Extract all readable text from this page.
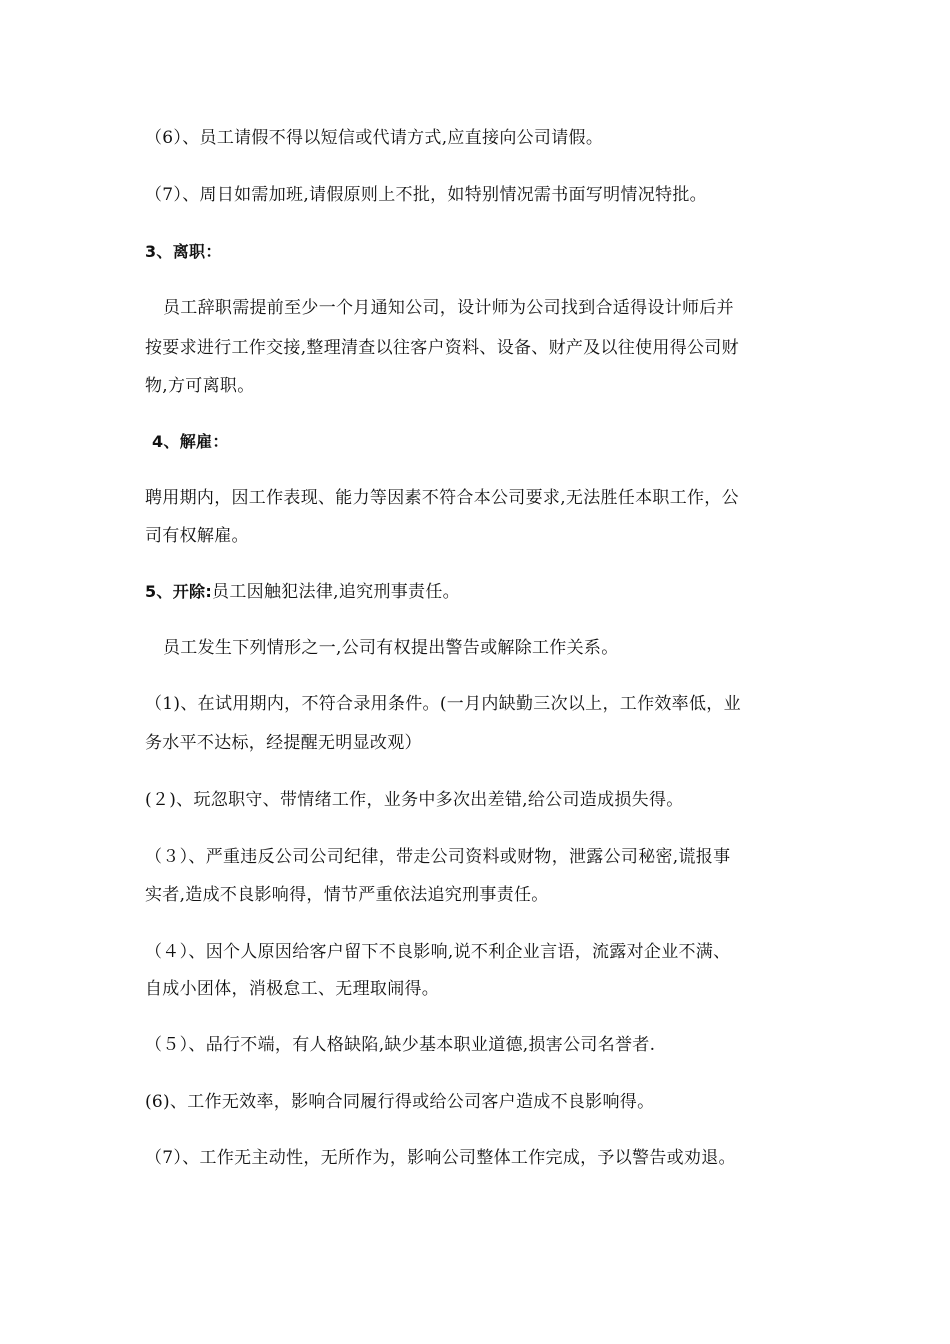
（6）、员工请假不得以短信或代请方式,应直接向公司请假。
（7）、周日如需加班,请假原则上不批，如特别情况需书面写明情况特批。
3、离职：
员工辞职需提前至少一个月通知公司，设计师为公司找到合适得设计师后并
按要求进行工作交接,整理清查以往客户资料、设备、财产及以往使用得公司财
物,方可离职。
4、解雇：
聘用期内，因工作表现、能力等因素不符合本公司要求,无法胜任本职工作，公
司有权解雇。
5、开除:员工因触犯法律,追究刑事责任。
员工发生下列情形之一,公司有权提出警告或解除工作关系。
（1)、在试用期内，不符合录用条件。(一月内缺勤三次以上，工作效率低，业
务水平不达标，经提醒无明显改观）
(２)、玩忽职守、带情绪工作，业务中多次出差错,给公司造成损失得。
（３）、严重违反公司公司纪律，带走公司资料或财物，泄露公司秘密,谎报事
实者,造成不良影响得，情节严重依法追究刑事责任。
（４）、因个人原因给客户留下不良影响,说不利企业言语，流露对企业不满、
自成小团体，消极怠工、无理取闹得。
（５）、品行不端，有人格缺陷,缺少基本职业道德,损害公司名誉者.
(6)、工作无效率，影响合同履行得或给公司客户造成不良影响得。
（7）、工作无主动性，无所作为，影响公司整体工作完成，予以警告或劝退。
